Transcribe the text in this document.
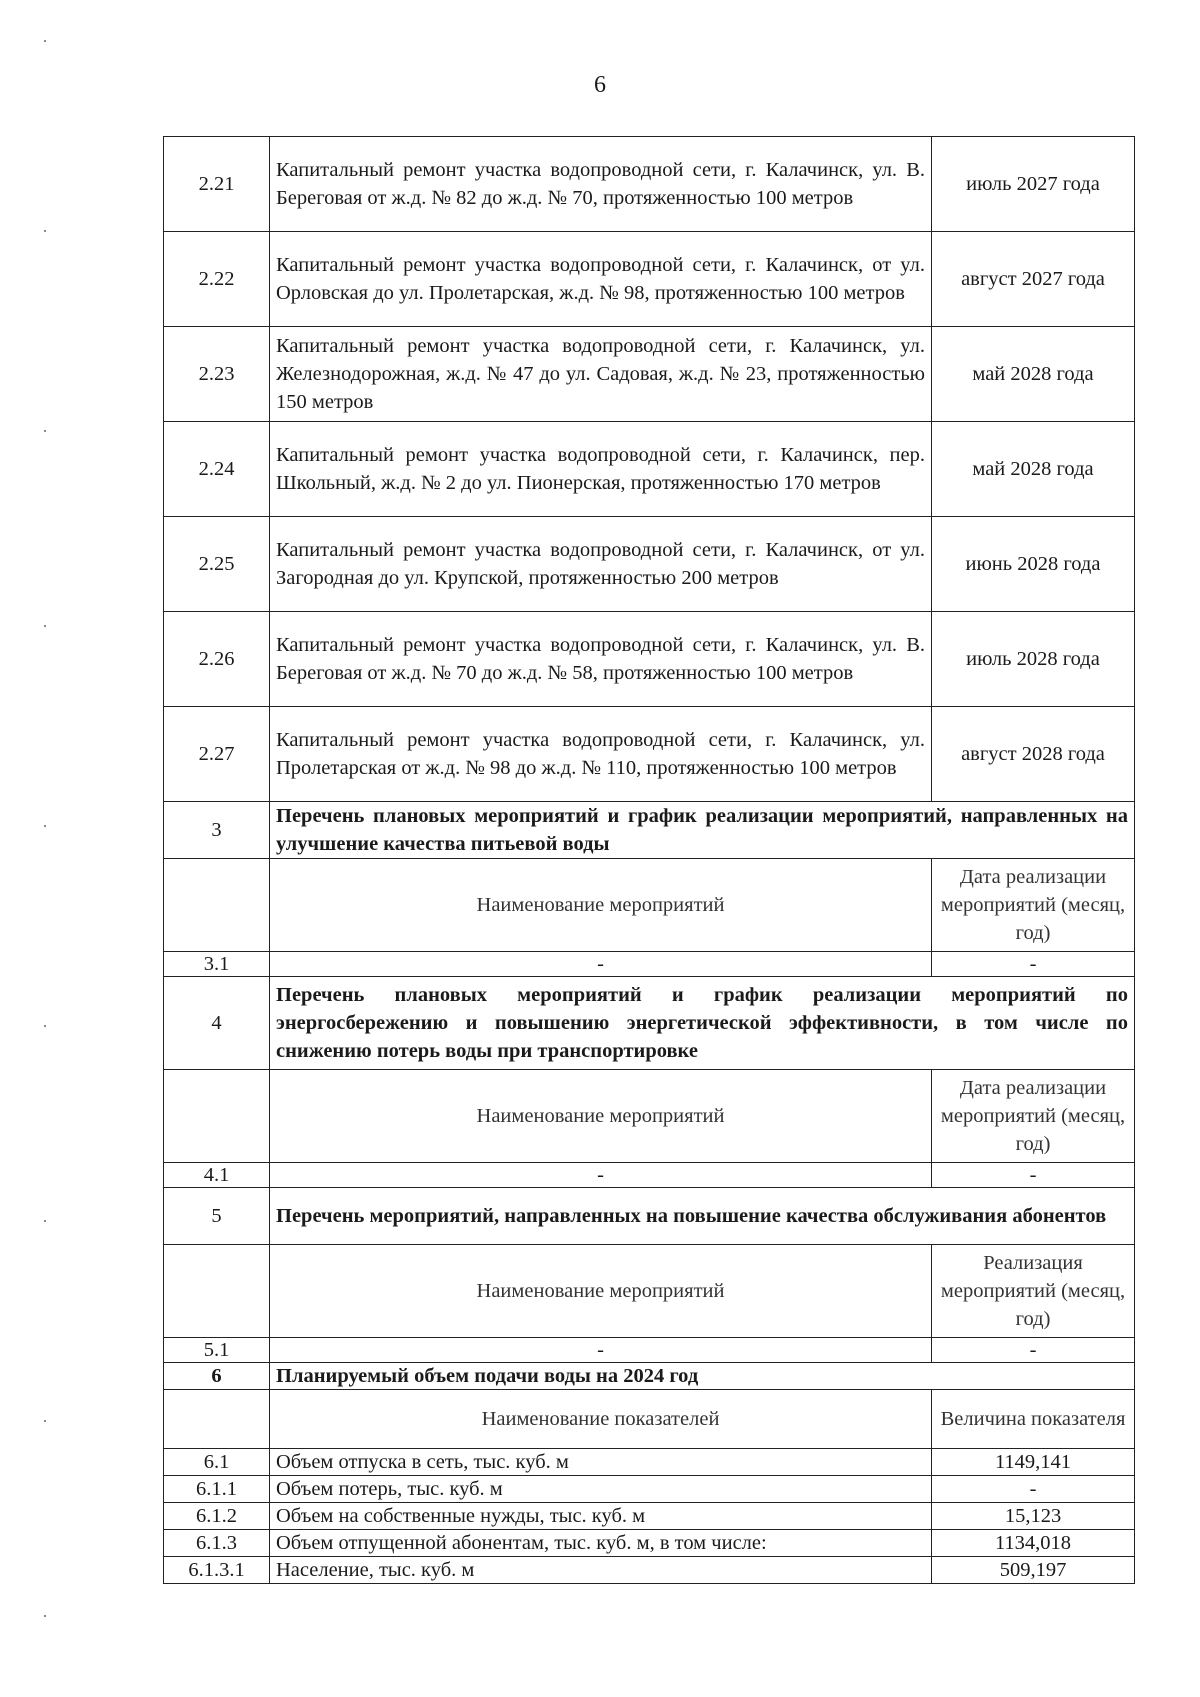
6
2.21	Капитальный ремонт участка водопроводной сети, г. Калачинск, ул. В. Береговая от ж.д. № 82 до ж.д. № 70, протяженностью 100 метров	июль 2027 года
2.22	Капитальный ремонт участка водопроводной сети, г. Калачинск, от ул. Орловская до ул. Пролетарская, ж.д. № 98, протяженностью 100 метров	август 2027 года
2.23	Капитальный ремонт участка водопроводной сети, г. Калачинск, ул. Железнодорожная, ж.д. № 47 до ул. Садовая, ж.д. № 23, протяженностью 150 метров	май 2028 года
2.24	Капитальный ремонт участка водопроводной сети, г. Калачинск, пер. Школьный, ж.д. № 2 до ул. Пионерская, протяженностью 170 метров	май 2028 года
2.25	Капитальный ремонт участка водопроводной сети, г. Калачинск, от ул. Загородная до ул. Крупской, протяженностью 200 метров	июнь 2028 года
2.26	Капитальный ремонт участка водопроводной сети, г. Калачинск, ул. В. Береговая от ж.д. № 70 до ж.д. № 58, протяженностью 100 метров	июль 2028 года
2.27	Капитальный ремонт участка водопроводной сети, г. Калачинск, ул. Пролетарская от ж.д. № 98 до ж.д. № 110, протяженностью 100 метров	август 2028 года
3	Перечень плановых мероприятий и график реализации мероприятий, направленных на улучшение качества питьевой воды	
	Наименование мероприятий	Дата реализации мероприятий (месяц, год)
3.1	-	-
4	Перечень плановых мероприятий и график реализации мероприятий по энергосбережению и повышению энергетической эффективности, в том числе по снижению потерь воды при транспортировке	
	Наименование мероприятий	Дата реализации мероприятий (месяц, год)
4.1	-	-
5	Перечень мероприятий, направленных на повышение качества обслуживания абонентов	
	Наименование мероприятий	Реализация мероприятий (месяц, год)
5.1	-	-
6	Планируемый объем подачи воды на 2024 год	
	Наименование показателей	Величина показателя
6.1	Объем отпуска в сеть, тыс. куб. м	1149,141
6.1.1	Объем потерь, тыс. куб. м	-
6.1.2	Объем на собственные нужды, тыс. куб. м	15,123
6.1.3	Объем отпущенной абонентам, тыс. куб. м, в том числе:	1134,018
6.1.3.1	Население, тыс. куб. м	509,197
